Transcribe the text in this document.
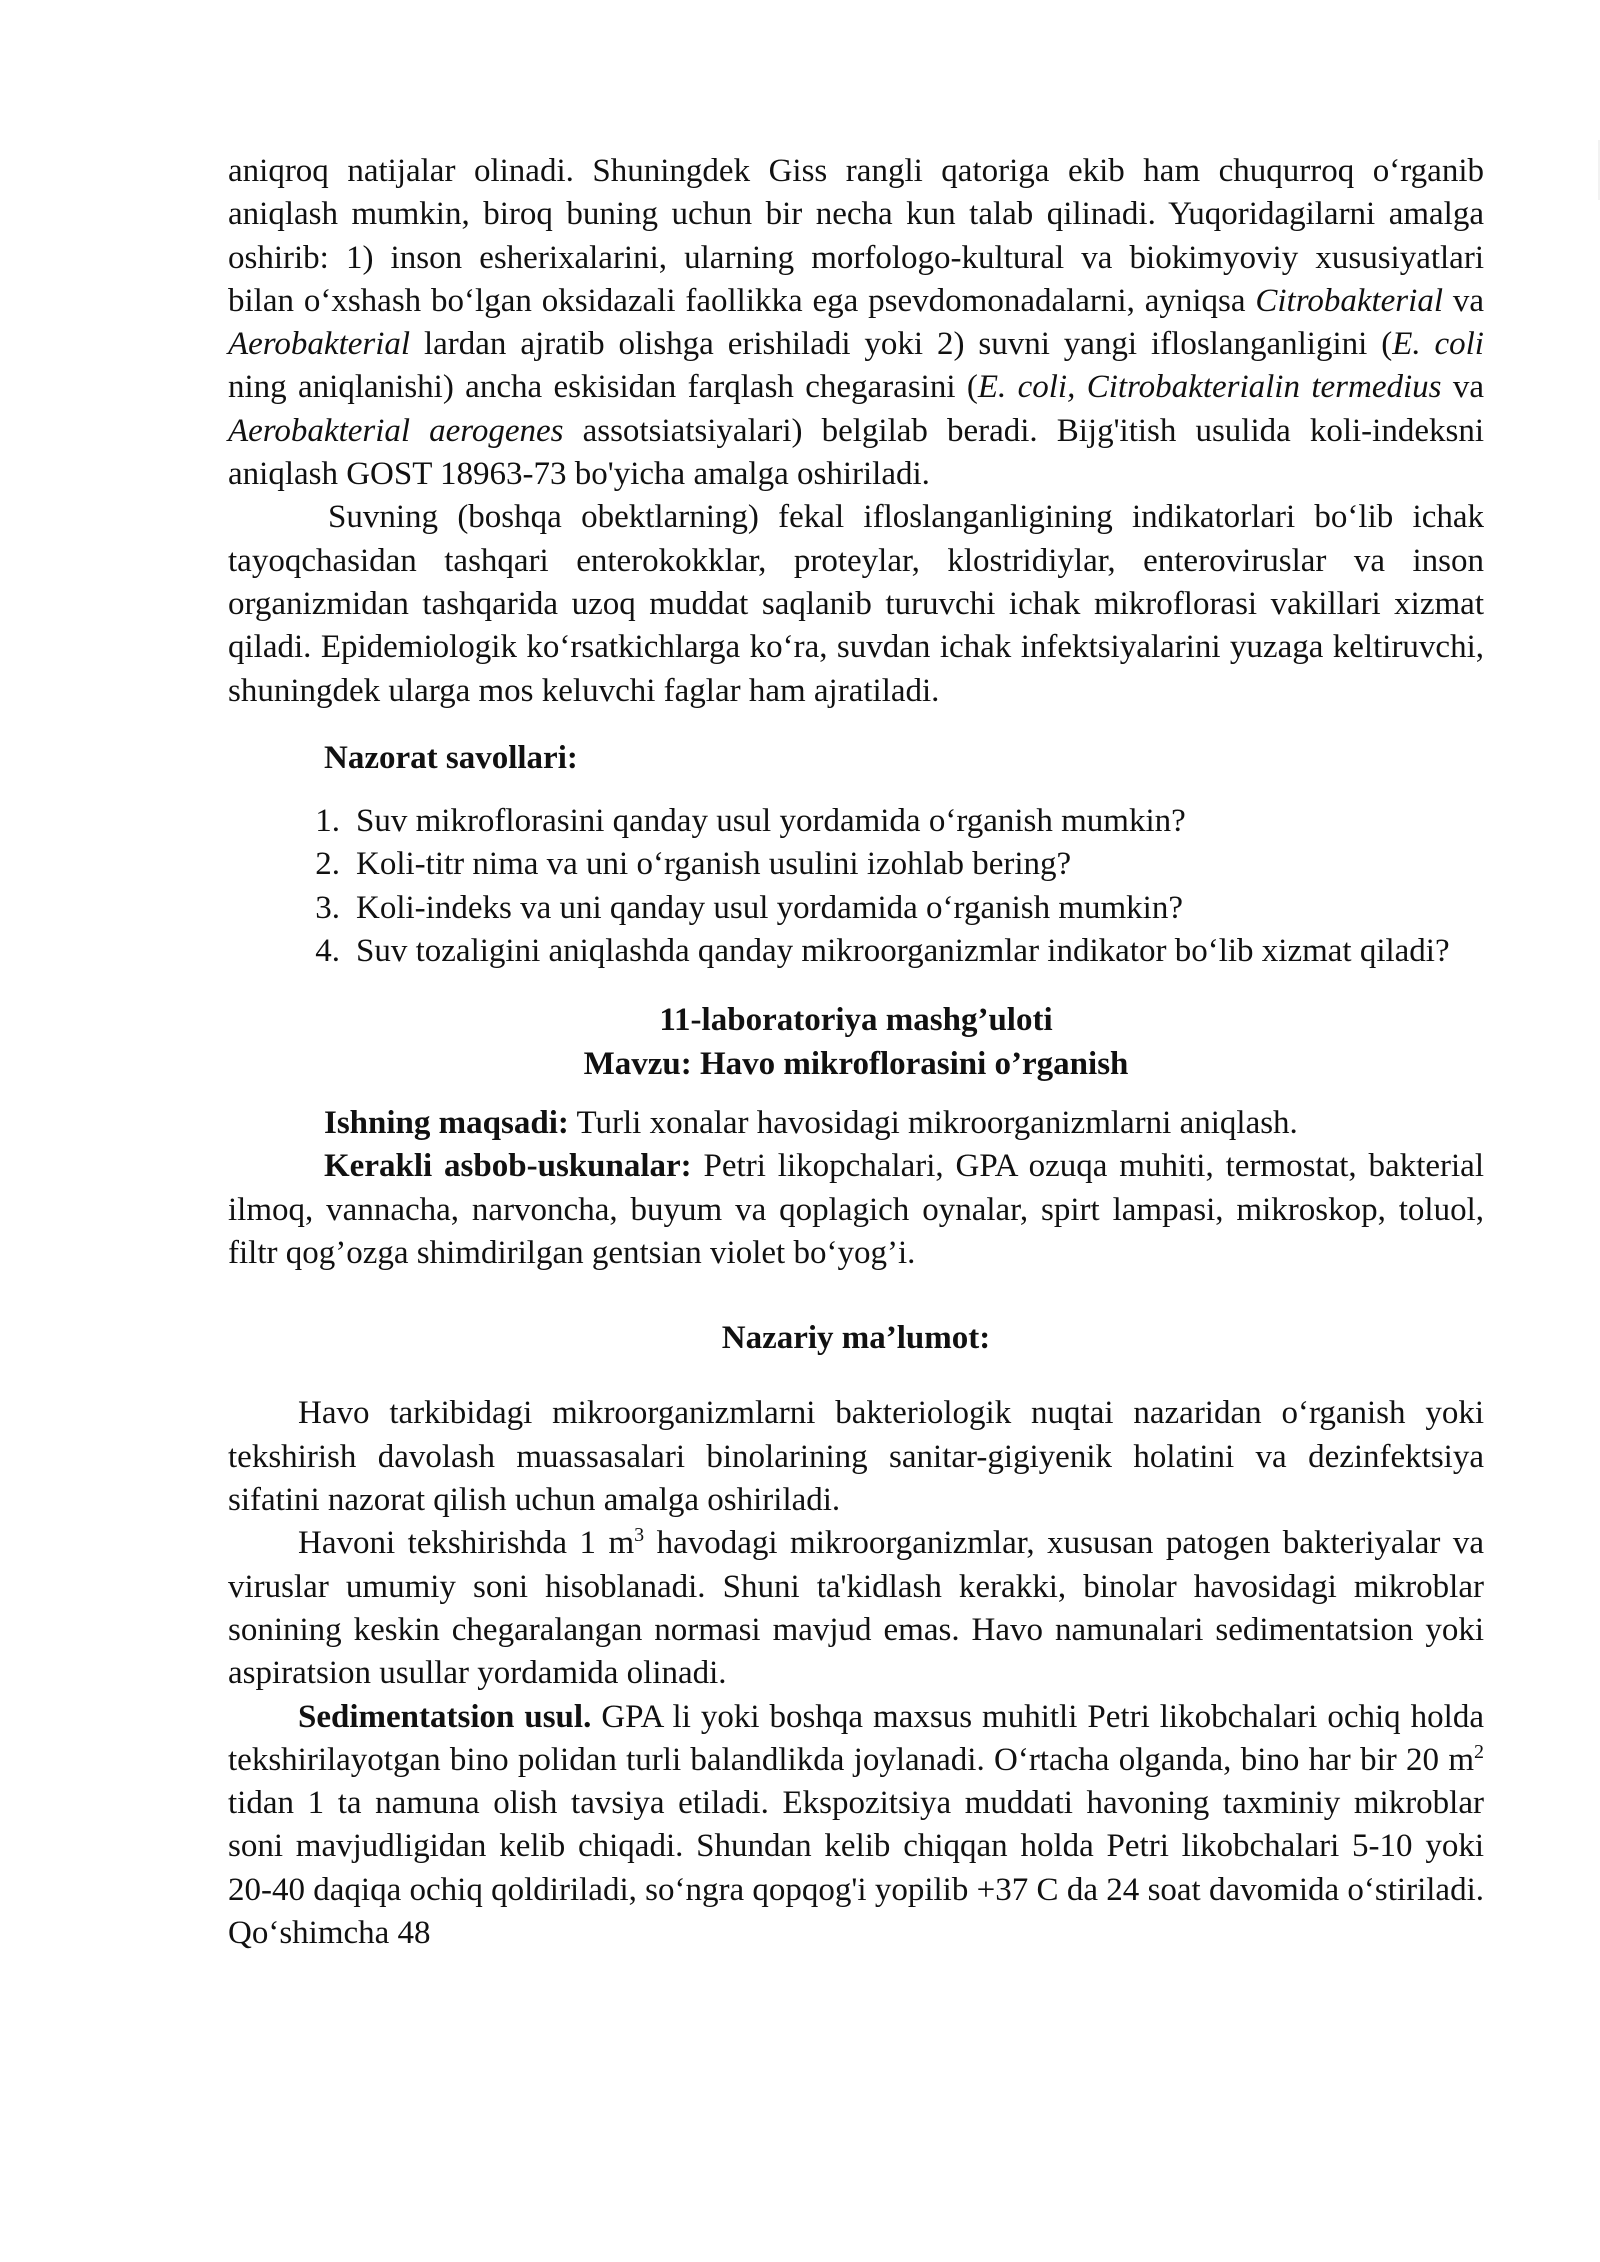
aniqroq natijalar olinadi. Shuningdek Giss rangli qatoriga ekib ham chuqurroq o‘rganib aniqlash mumkin, biroq buning uchun bir necha kun talab qilinadi. Yuqoridagilarni amalga oshirib: 1) inson esherixalarini, ularning morfologo-kultural va biokimyoviy xususiyatlari bilan o‘xshash bo‘lgan oksidazali faollikka ega psevdomonadalarni, ayniqsa Citrobakterial va Aerobakterial lardan ajratib olishga erishiladi yoki 2) suvni yangi ifloslanganligini (E. coli ning aniqlanishi) ancha eskisidan farqlash chegarasini (E. coli, Citrobakterialin termedius va Aerobakterial aerogenes assotsiatsiyalari) belgilab beradi. Bijg'itish usulida koli-indeksni aniqlash GOST 18963-73 bo'yicha amalga oshiriladi.

Suvning (boshqa obektlarning) fekal ifloslanganligining indikatorlari bo‘lib ichak tayoqchasidan tashqari enterokokklar, proteylar, klostridiylar, enteroviruslar va inson organizmidan tashqarida uzoq muddat saqlanib turuvchi ichak mikroflorasi vakillari xizmat qiladi. Epidemiologik ko‘rsatkichlarga ko‘ra, suvdan ichak infektsiyalarini yuzaga keltiruvchi, shuningdek ularga mos keluvchi faglar ham ajratiladi.

Nazorat savollari:

1. Suv mikroflorasini qanday usul yordamida o‘rganish mumkin?
2. Koli-titr nima va uni o‘rganish usulini izohlab bering?
3. Koli-indeks va uni qanday usul yordamida o‘rganish mumkin?
4. Suv tozaligini aniqlashda qanday mikroorganizmlar indikator bo‘lib xizmat qiladi?

11-laboratoriya mashg’uloti

Mavzu: Havo mikroflorasini o’rganish

Ishning maqsadi: Turli xonalar havosidagi mikroorganizmlarni aniqlash.

Kerakli asbob-uskunalar: Petri likopchalari, GPA ozuqa muhiti, termostat, bakterial ilmoq, vannacha, narvoncha, buyum va qoplagich oynalar, spirt lampasi, mikroskop, toluol, filtr qog’ozga shimdirilgan gentsian violet bo‘yog’i.

Nazariy ma’lumot:

Havo tarkibidagi mikroorganizmlarni bakteriologik nuqtai nazaridan o‘rganish yoki tekshirish davolash muassasalari binolarining sanitar-gigiyenik holatini va dezinfektsiya sifatini nazorat qilish uchun amalga oshiriladi.

Havoni tekshirishda 1 $m^3$ havodagi mikroorganizmlar, xususan patogen bakteriyalar va viruslar umumiy soni hisoblanadi. Shuni ta'kidlash kerakki, binolar havosidagi mikroblar sonining keskin chegaralangan normasi mavjud emas. Havo namunalari sedimentatsion yoki aspiratsion usullar yordamida olinadi.

Sedimentatsion usul. GPA li yoki boshqa maxsus muhitli Petri likobchalari ochiq holda tekshirilayotgan bino polidan turli balandlikda joylanadi. O‘rtacha olganda, bino har bir 20 $m^2$ tidan 1 ta namuna olish tavsiya etiladi. Ekspozitsiya muddati havoning taxminiy mikroblar soni mavjudligidan kelib chiqadi. Shundan kelib chiqqan holda Petri likobchalari 5-10 yoki 20-40 daqiqa ochiq qoldiriladi, so‘ngra qopqog'i yopilib +37 C da 24 soat davomida o‘stiriladi. Qo‘shimcha 48
